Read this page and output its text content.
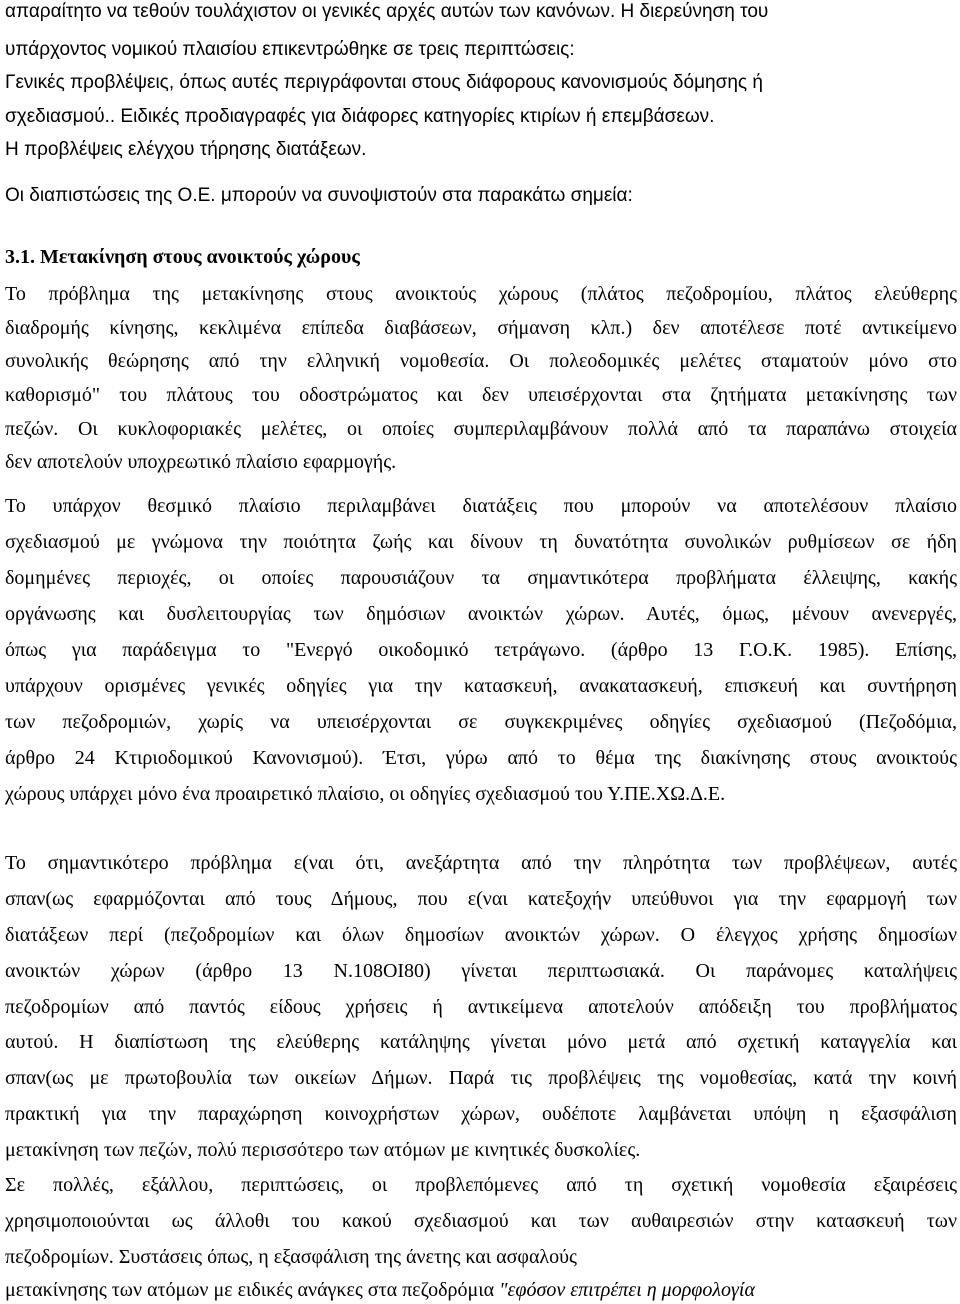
απαραίτητο να τεθούν τουλάχιστον οι γενικές αρχές αυτών των κανόνων. Η διερεύνηση του
υπάρχοντος νομικού πλαισίου επικεντρώθηκε σε τρεις περιπτώσεις:
Γενικές προβλέψεις, όπως αυτές περιγράφονται στους διάφορους κανονισμούς δόμησης ή
σχεδιασμού.. Ειδικές προδιαγραφές για διάφορες κατηγορίες κτιρίων ή επεμβάσεων.
Η προβλέψεις ελέγχου τήρησης διατάξεων.
Οι διαπιστώσεις της Ο.Ε. μπορούν να συνοψιστούν στα παρακάτω σημεία:
3.1. Μετακίνηση στους ανοικτούς χώρους
Το πρόβλημα της μετακίνησης στους ανοικτούς χώρους (πλάτος πεζοδρομίου, πλάτος ελεύθερης
διαδρομής κίνησης, κεκλιμένα επίπεδα διαβάσεων, σήμανση κλπ.) δεν αποτέλεσε ποτέ αντικείμενο
συνολικής θεώρησης από την ελληνική νομοθεσία. Οι πολεοδομικές μελέτες σταματούν μόνο στο
καθορισμό" του πλάτους του οδοστρώματος και δεν υπεισέρχονται στα ζητήματα μετακίνησης των
πεζών. Οι κυκλοφοριακές μελέτες, οι οποίες συμπεριλαμβάνουν πολλά από τα παραπάνω στοιχεία
δεν αποτελούν υποχρεωτικό πλαίσιο εφαρμογής.
Το υπάρχον θεσμικό πλαίσιο περιλαμβάνει διατάξεις που μπορούν να αποτελέσουν πλαίσιο
σχεδιασμού με γνώμονα την ποιότητα ζωής και δίνουν τη δυνατότητα συνολικών ρυθμίσεων σε ήδη
δομημένες περιοχές, οι οποίες παρουσιάζουν τα σημαντικότερα προβλήματα έλλειψης, κακής
οργάνωσης και δυσλειτουργίας των δημόσιων ανοικτών χώρων. Αυτές, όμως, μένουν ανενεργές,
όπως για παράδειγμα το "Ενεργό οικοδομικό τετράγωνο. (άρθρο 13 Γ.Ο.Κ. 1985). Επίσης,
υπάρχουν ορισμένες γενικές οδηγίες για την κατασκευή, ανακατασκευή, επισκευή και συντήρηση
των πεζοδρομιών, χωρίς να υπεισέρχονται σε συγκεκριμένες οδηγίες σχεδιασμού (Πεζοδόμια,
άρθρο 24 Κτιριοδομικού Κανονισμού). Έτσι, γύρω από το θέμα της διακίνησης στους ανοικτούς
χώρους υπάρχει μόνο ένα προαιρετικό πλαίσιο, οι οδηγίες σχεδιασμού του Υ.ΠΕ.ΧΩ.Δ.Ε.
Το σημαντικότερο πρόβλημα ε(ναι ότι, ανεξάρτητα από την πληρότητα των προβλέψεων, αυτές
σπαν(ως εφαρμόζονται από τους Δήμους, που ε(ναι κατεξοχήν υπεύθυνοι για την εφαρμογή των
διατάξεων περί (πεζοδρομίων και όλων δημοσίων ανοικτών χώρων. Ο έλεγχος χρήσης δημοσίων
ανοικτών χώρων (άρθρο 13 Ν.108ΟΙ80) γίνεται περιπτωσιακά. Οι παράνομες καταλήψεις
πεζοδρομίων από παντός είδους χρήσεις ή αντικείμενα αποτελούν απόδειξη του προβλήματος
αυτού. Η διαπίστωση της ελεύθερης κατάληψης γίνεται μόνο μετά από σχετική καταγγελία και
σπαν(ως με πρωτοβουλία των οικείων Δήμων. Παρά τις προβλέψεις της νομοθεσίας, κατά την κοινή
πρακτική για την παραχώρηση κοινοχρήστων χώρων, ουδέποτε λαμβάνεται υπόψη η εξασφάλιση
μετακίνηση των πεζών, πολύ περισσότερο των ατόμων με κινητικές δυσκολίες.
Σε πολλές, εξάλλου, περιπτώσεις, οι προβλεπόμενες από τη σχετική νομοθεσία εξαιρέσεις
χρησιμοποιούνται ως άλλοθι του κακού σχεδιασμού και των αυθαιρεσιών στην κατασκευή των
πεζοδρομίων. Συστάσεις όπως, η εξασφάλιση της άνετης και ασφαλούς
μετακίνησης των ατόμων με ειδικές ανάγκες στα πεζοδρόμια "εφόσον επιτρέπει η μορφολογία
